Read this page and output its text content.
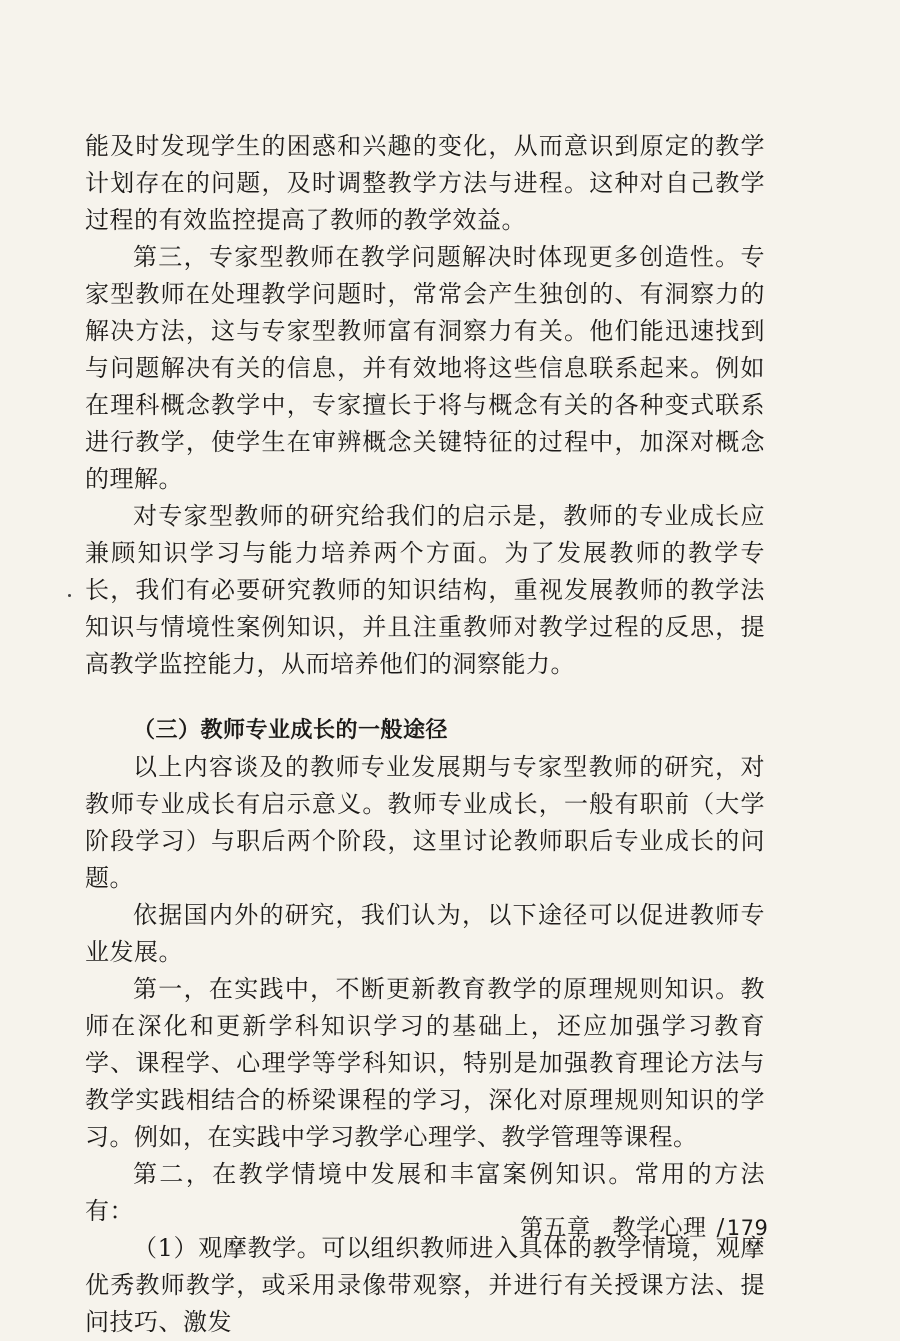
能及时发现学生的困惑和兴趣的变化，从而意识到原定的教学计划存在的问题，及时调整教学方法与进程。这种对自己教学过程的有效监控提高了教师的教学效益。

第三，专家型教师在教学问题解决时体现更多创造性。专家型教师在处理教学问题时，常常会产生独创的、有洞察力的解决方法，这与专家型教师富有洞察力有关。他们能迅速找到与问题解决有关的信息，并有效地将这些信息联系起来。例如在理科概念教学中，专家擅长于将与概念有关的各种变式联系进行教学，使学生在审辨概念关键特征的过程中，加深对概念的理解。

对专家型教师的研究给我们的启示是，教师的专业成长应兼顾知识学习与能力培养两个方面。为了发展教师的教学专长，我们有必要研究教师的知识结构，重视发展教师的教学法知识与情境性案例知识，并且注重教师对教学过程的反思，提高教学监控能力，从而培养他们的洞察能力。

（三）教师专业成长的一般途径

以上内容谈及的教师专业发展期与专家型教师的研究，对教师专业成长有启示意义。教师专业成长，一般有职前（大学阶段学习）与职后两个阶段，这里讨论教师职后专业成长的问题。

依据国内外的研究，我们认为，以下途径可以促进教师专业发展。

第一，在实践中，不断更新教育教学的原理规则知识。教师在深化和更新学科知识学习的基础上，还应加强学习教育学、课程学、心理学等学科知识，特别是加强教育理论方法与教学实践相结合的桥梁课程的学习，深化对原理规则知识的学习。例如，在实践中学习教学心理学、教学管理等课程。

第二，在教学情境中发展和丰富案例知识。常用的方法有：

（1）观摩教学。可以组织教师进入具体的教学情境，观摩优秀教师教学，或采用录像带观察，并进行有关授课方法、提问技巧、激发

第五章 教学心理 /179
